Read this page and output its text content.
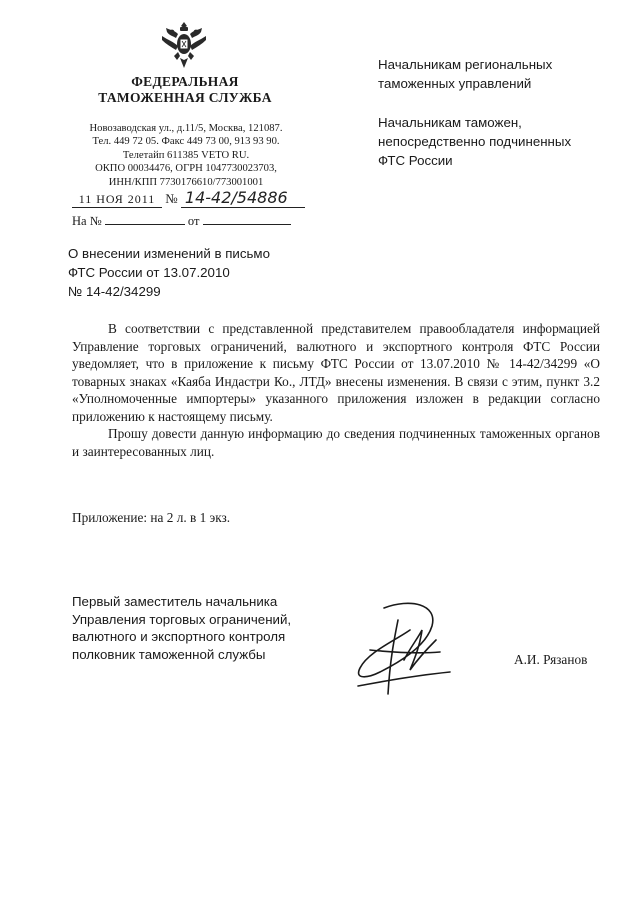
ФЕДЕРАЛЬНАЯ
ТАМОЖЕННАЯ СЛУЖБА
Новозаводская ул., д.11/5, Москва, 121087.
Тел. 449 72 05. Факс 449 73 00, 913 93 90.
Телетайп 611385 VETO RU.
ОКПО 00034476, ОГРН 1047730023703,
ИНН/КПП 7730176610/773001001
11 НОЯ 2011 № 14-42/54886
На №	от
Начальникам региональных
таможенных управлений
Начальникам таможен,
непосредственно подчиненных
ФТС России
О внесении изменений в письмо
ФТС России от 13.07.2010
№ 14-42/34299

В соответствии с представленной представителем правообладателя информацией Управление торговых ограничений, валютного и экспортного контроля ФТС России уведомляет, что в приложение к письму ФТС России от 13.07.2010 № 14-42/34299 «О товарных знаках «Каяба Индастри Ко., ЛТД» внесены изменения. В связи с этим, пункт 3.2 «Уполномоченные импортеры» указанного приложения изложен в редакции согласно приложению к настоящему письму.

Прошу довести данную информацию до сведения подчиненных таможенных органов и заинтересованных лиц.

Приложение: на 2 л. в 1 экз.
Первый заместитель начальника
Управления торговых ограничений,
валютного и экспортного контроля
полковник таможенной службы	А.И. Рязанов
